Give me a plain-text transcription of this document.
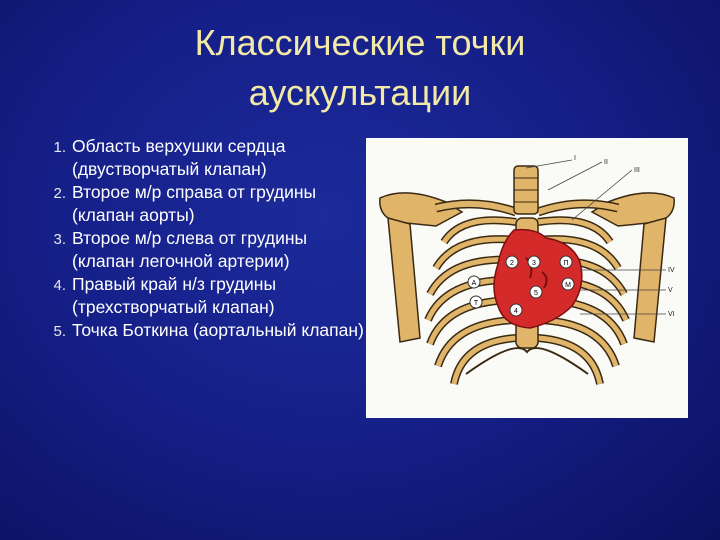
Классические точки
аускультации
1. Область верхушки сердца (двустворчатый клапан)
2. Второе м/р справа от грудины (клапан аорты)
3. Второе м/р слева от грудины (клапан легочной артерии)
4. Правый край н/з грудины (трехстворчатый клапан)
5. Точка Боткина (аортальный клапан)
2	3	П
A
5
M
T
4
I
II
III
IV
V
VI
